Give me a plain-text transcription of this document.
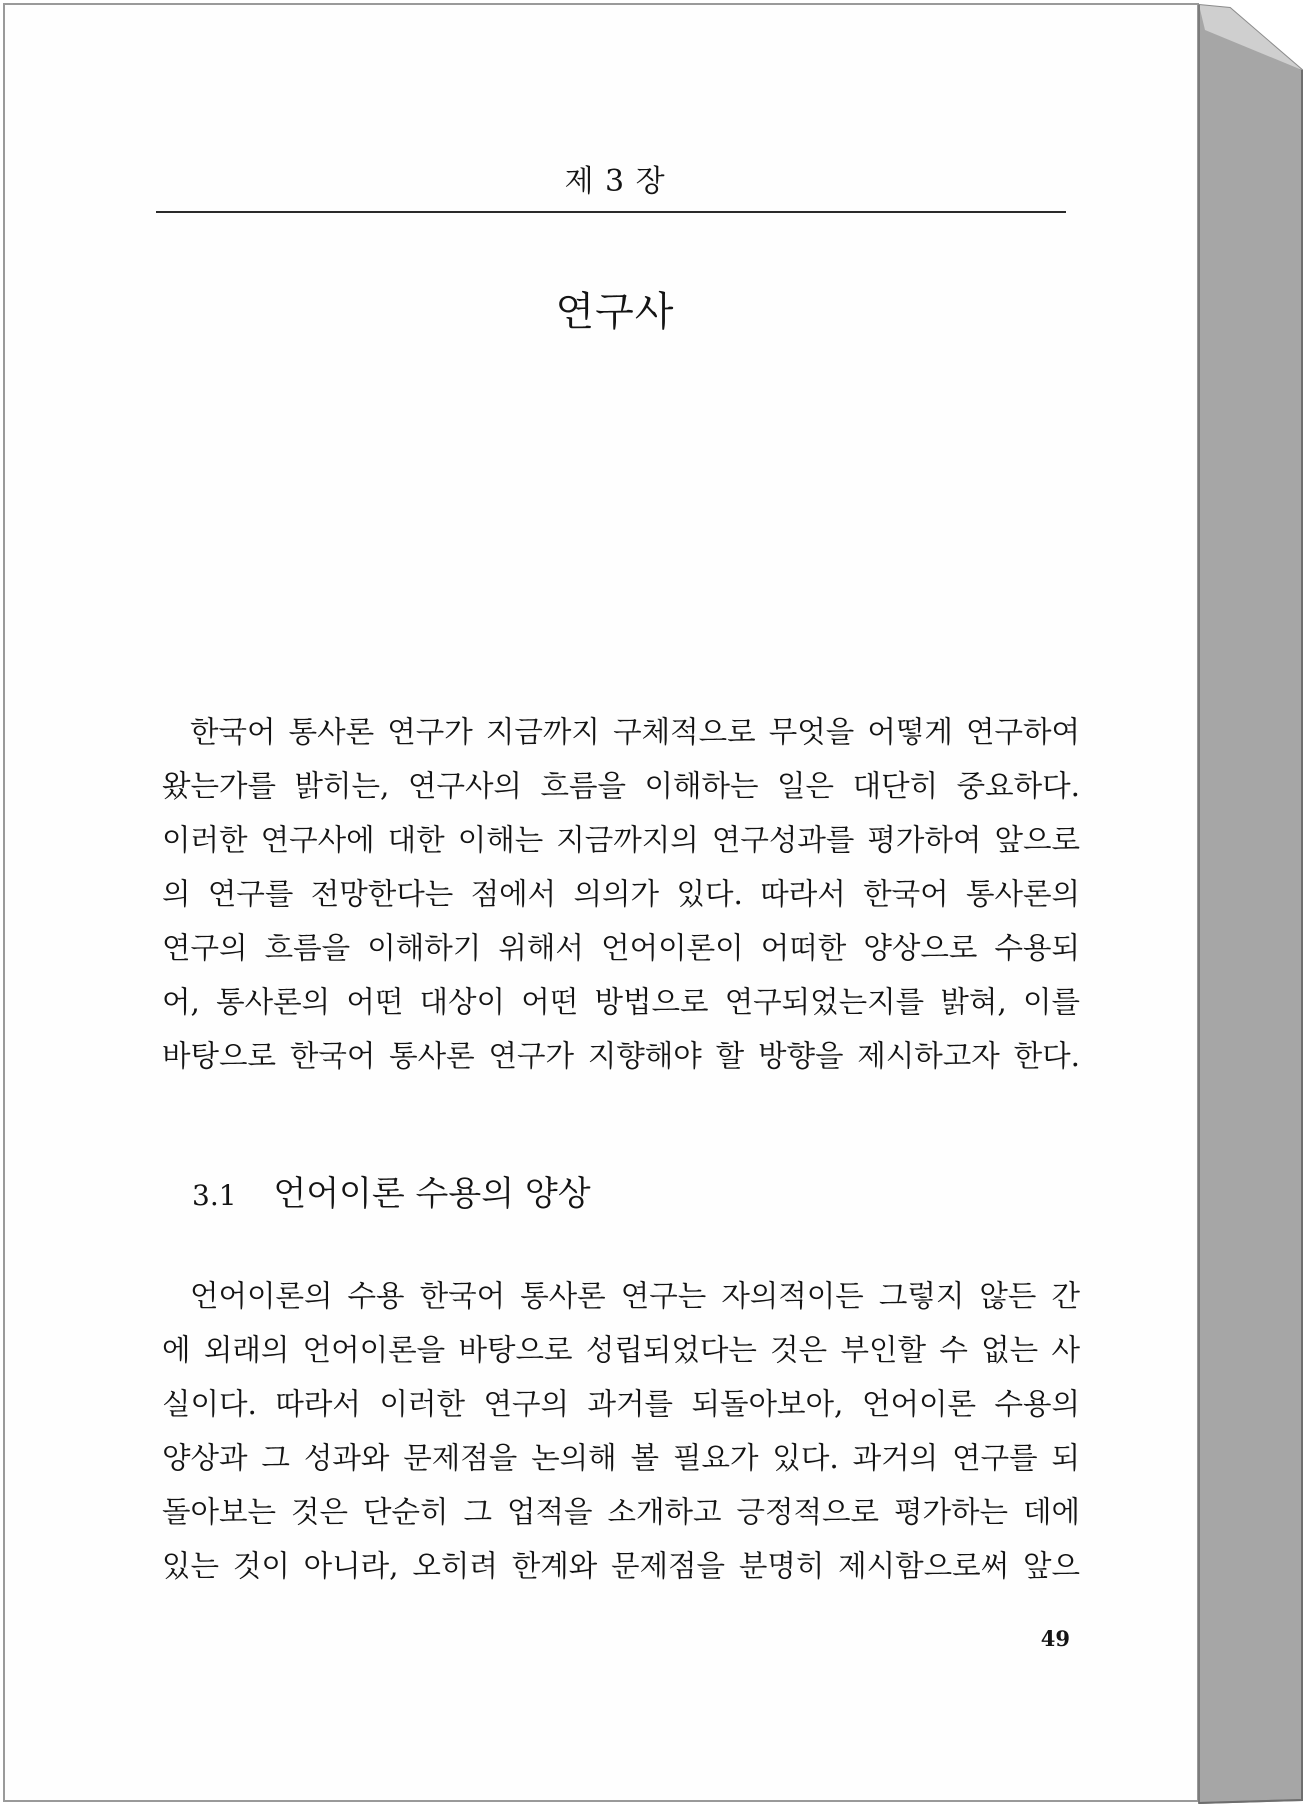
제 3 장
연구사
한국어 통사론 연구가 지금까지 구체적으로 무엇을 어떻게 연구하여
왔는가를 밝히는, 연구사의 흐름을 이해하는 일은 대단히 중요하다.
이러한 연구사에 대한 이해는 지금까지의 연구성과를 평가하여 앞으로
의 연구를 전망한다는 점에서 의의가 있다. 따라서 한국어 통사론의
연구의 흐름을 이해하기 위해서 언어이론이 어떠한 양상으로 수용되
어, 통사론의 어떤 대상이 어떤 방법으로 연구되었는지를 밝혀, 이를
바탕으로 한국어 통사론 연구가 지향해야 할 방향을 제시하고자 한다.
3.1 언어이론 수용의 양상
언어이론의 수용 한국어 통사론 연구는 자의적이든 그렇지 않든 간
에 외래의 언어이론을 바탕으로 성립되었다는 것은 부인할 수 없는 사
실이다. 따라서 이러한 연구의 과거를 되돌아보아, 언어이론 수용의
양상과 그 성과와 문제점을 논의해 볼 필요가 있다. 과거의 연구를 되
돌아보는 것은 단순히 그 업적을 소개하고 긍정적으로 평가하는 데에
있는 것이 아니라, 오히려 한계와 문제점을 분명히 제시함으로써 앞으
49
